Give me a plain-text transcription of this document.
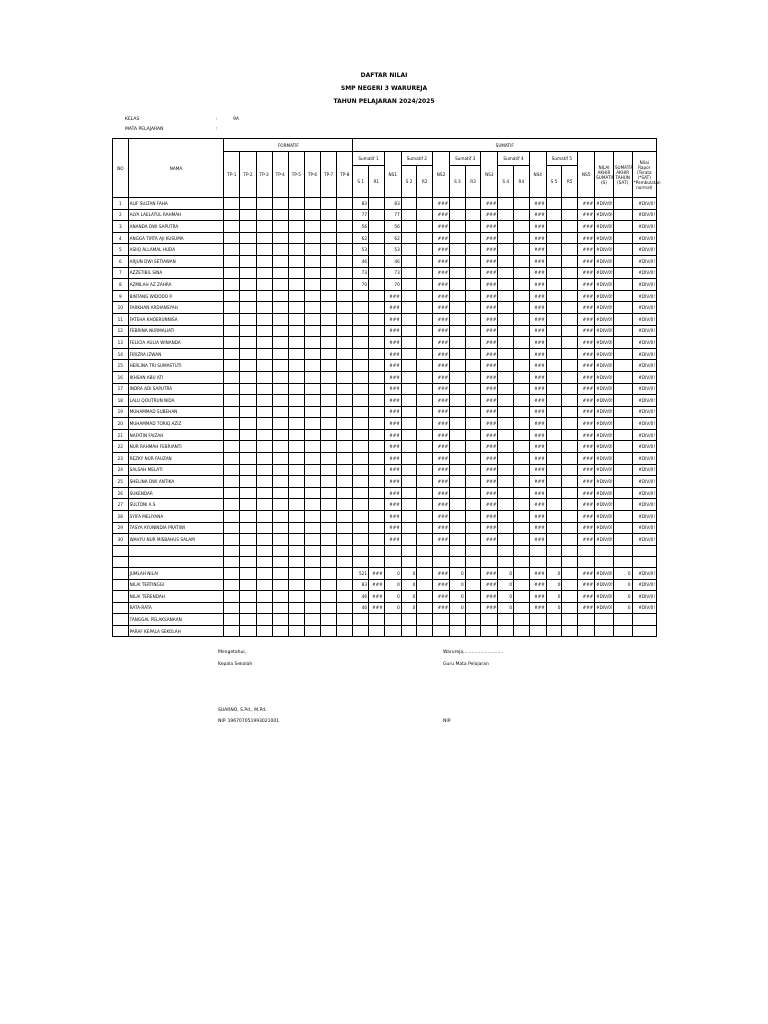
DAFTAR NILAI
SMP NEGERI 3 WARUREJA
TAHUN PELAJARAN 2024/2025
KELAS	:	9A
MATA PELAJARAN	:
NO	NAMA	FORMATIF								SUMATIF																	
		TP-1	TP-2	TP-3	TP-4	TP-5	TP-6	TP-7	TP-8	Sumatif 1		NS1	Sumatif 2		NS2	Sumatif 3		NS3	Sumatif 4		NS4	Sumatif 5		NS5	NILAI AKHIR SUMATIF (S)	SUMATIF AKHIR TAHUN (SAT)	Nilai Rapor (Terata (*SAT) *Pembulatan normal)
										S 1	R1		S 2	R2		S 3	R3		S 4	R4		S 5	R5				
1	ALIF SULTAN FAHA									83		83			###			###			###			###	#DIV/0!		#DIV/0!
2	ALYA LAELATUL RAHMAH									77		77			###			###			###			###	#DIV/0!		#DIV/0!
3	ANANDA DWI SAPUTRA									56		56			###			###			###			###	#DIV/0!		#DIV/0!
4	ANGGA TIRTA AJI KUSUMA									62		62			###			###			###			###	#DIV/0!		#DIV/0!
5	ASIIQ ALLAMAL HUDA									53		53			###			###			###			###	#DIV/0!		#DIV/0!
6	ARJUN DWI SETIAWAN									46		46			###			###			###			###	#DIV/0!		#DIV/0!
7	AZZETIBIL SINA									73		73			###			###			###			###	#DIV/0!		#DIV/0!
8	AZMILAH AZ ZAHRA									70		70			###			###			###			###	#DIV/0!		#DIV/0!
9	BINTANG WIDODO P.											###			###			###			###			###	#DIV/0!		#DIV/0!
10	FARKHAN ARDIANSYAH											###			###			###			###			###	#DIV/0!		#DIV/0!
11	FATEHA KHOERUNNISA											###			###			###			###			###	#DIV/0!		#DIV/0!
12	FEBRINA NURMALIATI											###			###			###			###			###	#DIV/0!		#DIV/0!
13	FELICIA AULIA WINANDA											###			###			###			###			###	#DIV/0!		#DIV/0!
14	FIRIZRA IZWAN											###			###			###			###			###	#DIV/0!		#DIV/0!
15	HERLINA TRI SUMASTUTI											###			###			###			###			###	#DIV/0!		#DIV/0!
16	IKHSAN ABU ATI											###			###			###			###			###	#DIV/0!		#DIV/0!
17	INDRA ADI SAPUTRA											###			###			###			###			###	#DIV/0!		#DIV/0!
18	LALU QOUTRUN NIDA											###			###			###			###			###	#DIV/0!		#DIV/0!
19	MUHAMMAD SUBEHAN											###			###			###			###			###	#DIV/0!		#DIV/0!
20	MUHAMMAD TORIQ AZIZ											###			###			###			###			###	#DIV/0!		#DIV/0!
21	NAFATIN FAIZAH											###			###			###			###			###	#DIV/0!		#DIV/0!
22	NUR RAHMAH FEBRIANTI											###			###			###			###			###	#DIV/0!		#DIV/0!
23	REZKY NUR FAUZAN											###			###			###			###			###	#DIV/0!		#DIV/0!
24	SALSAH MELATI											###			###			###			###			###	#DIV/0!		#DIV/0!
25	SHELINA DWI ANTIKA											###			###			###			###			###	#DIV/0!		#DIV/0!
26	SUKENDAR											###			###			###			###			###	#DIV/0!		#DIV/0!
27	SULTONI A.S											###			###			###			###			###	#DIV/0!		#DIV/0!
28	SYIFA MELIYANA											###			###			###			###			###	#DIV/0!		#DIV/0!
29	TASYA AYUNINDIA PRATIWI											###			###			###			###			###	#DIV/0!		#DIV/0!
30	WAHYU NUR MISBAHUS SALAM											###			###			###			###			###	#DIV/0!		#DIV/0!

	JUMLAH NILAI									521	###	0	0		###	0		###	0		###	0		###	#DIV/0!	0	#DIV/0!
	NILAI TERTINGGI									83	###	0	0		###	0		###	0		###	0		###	#DIV/0!	0	#DIV/0!
	NILAI TERENDAH									46	###	0	0		###	0		###	0		###	0		###	#DIV/0!	0	#DIV/0!
	RATA-RATA									46	###	0	0		###	0		###	0		###	0		###	#DIV/0!	0	#DIV/0!
	TANGGAL PELAKSANAAN																										
	PARAF KEPALA SEKOLAH																										
Mengetahui,
Kepala Sekolah
Warureja,...........................
Guru Mata Pelajaran
SUARNO, S.Pd., M.Pd.
NIP. 196707051993021001	NIP.
